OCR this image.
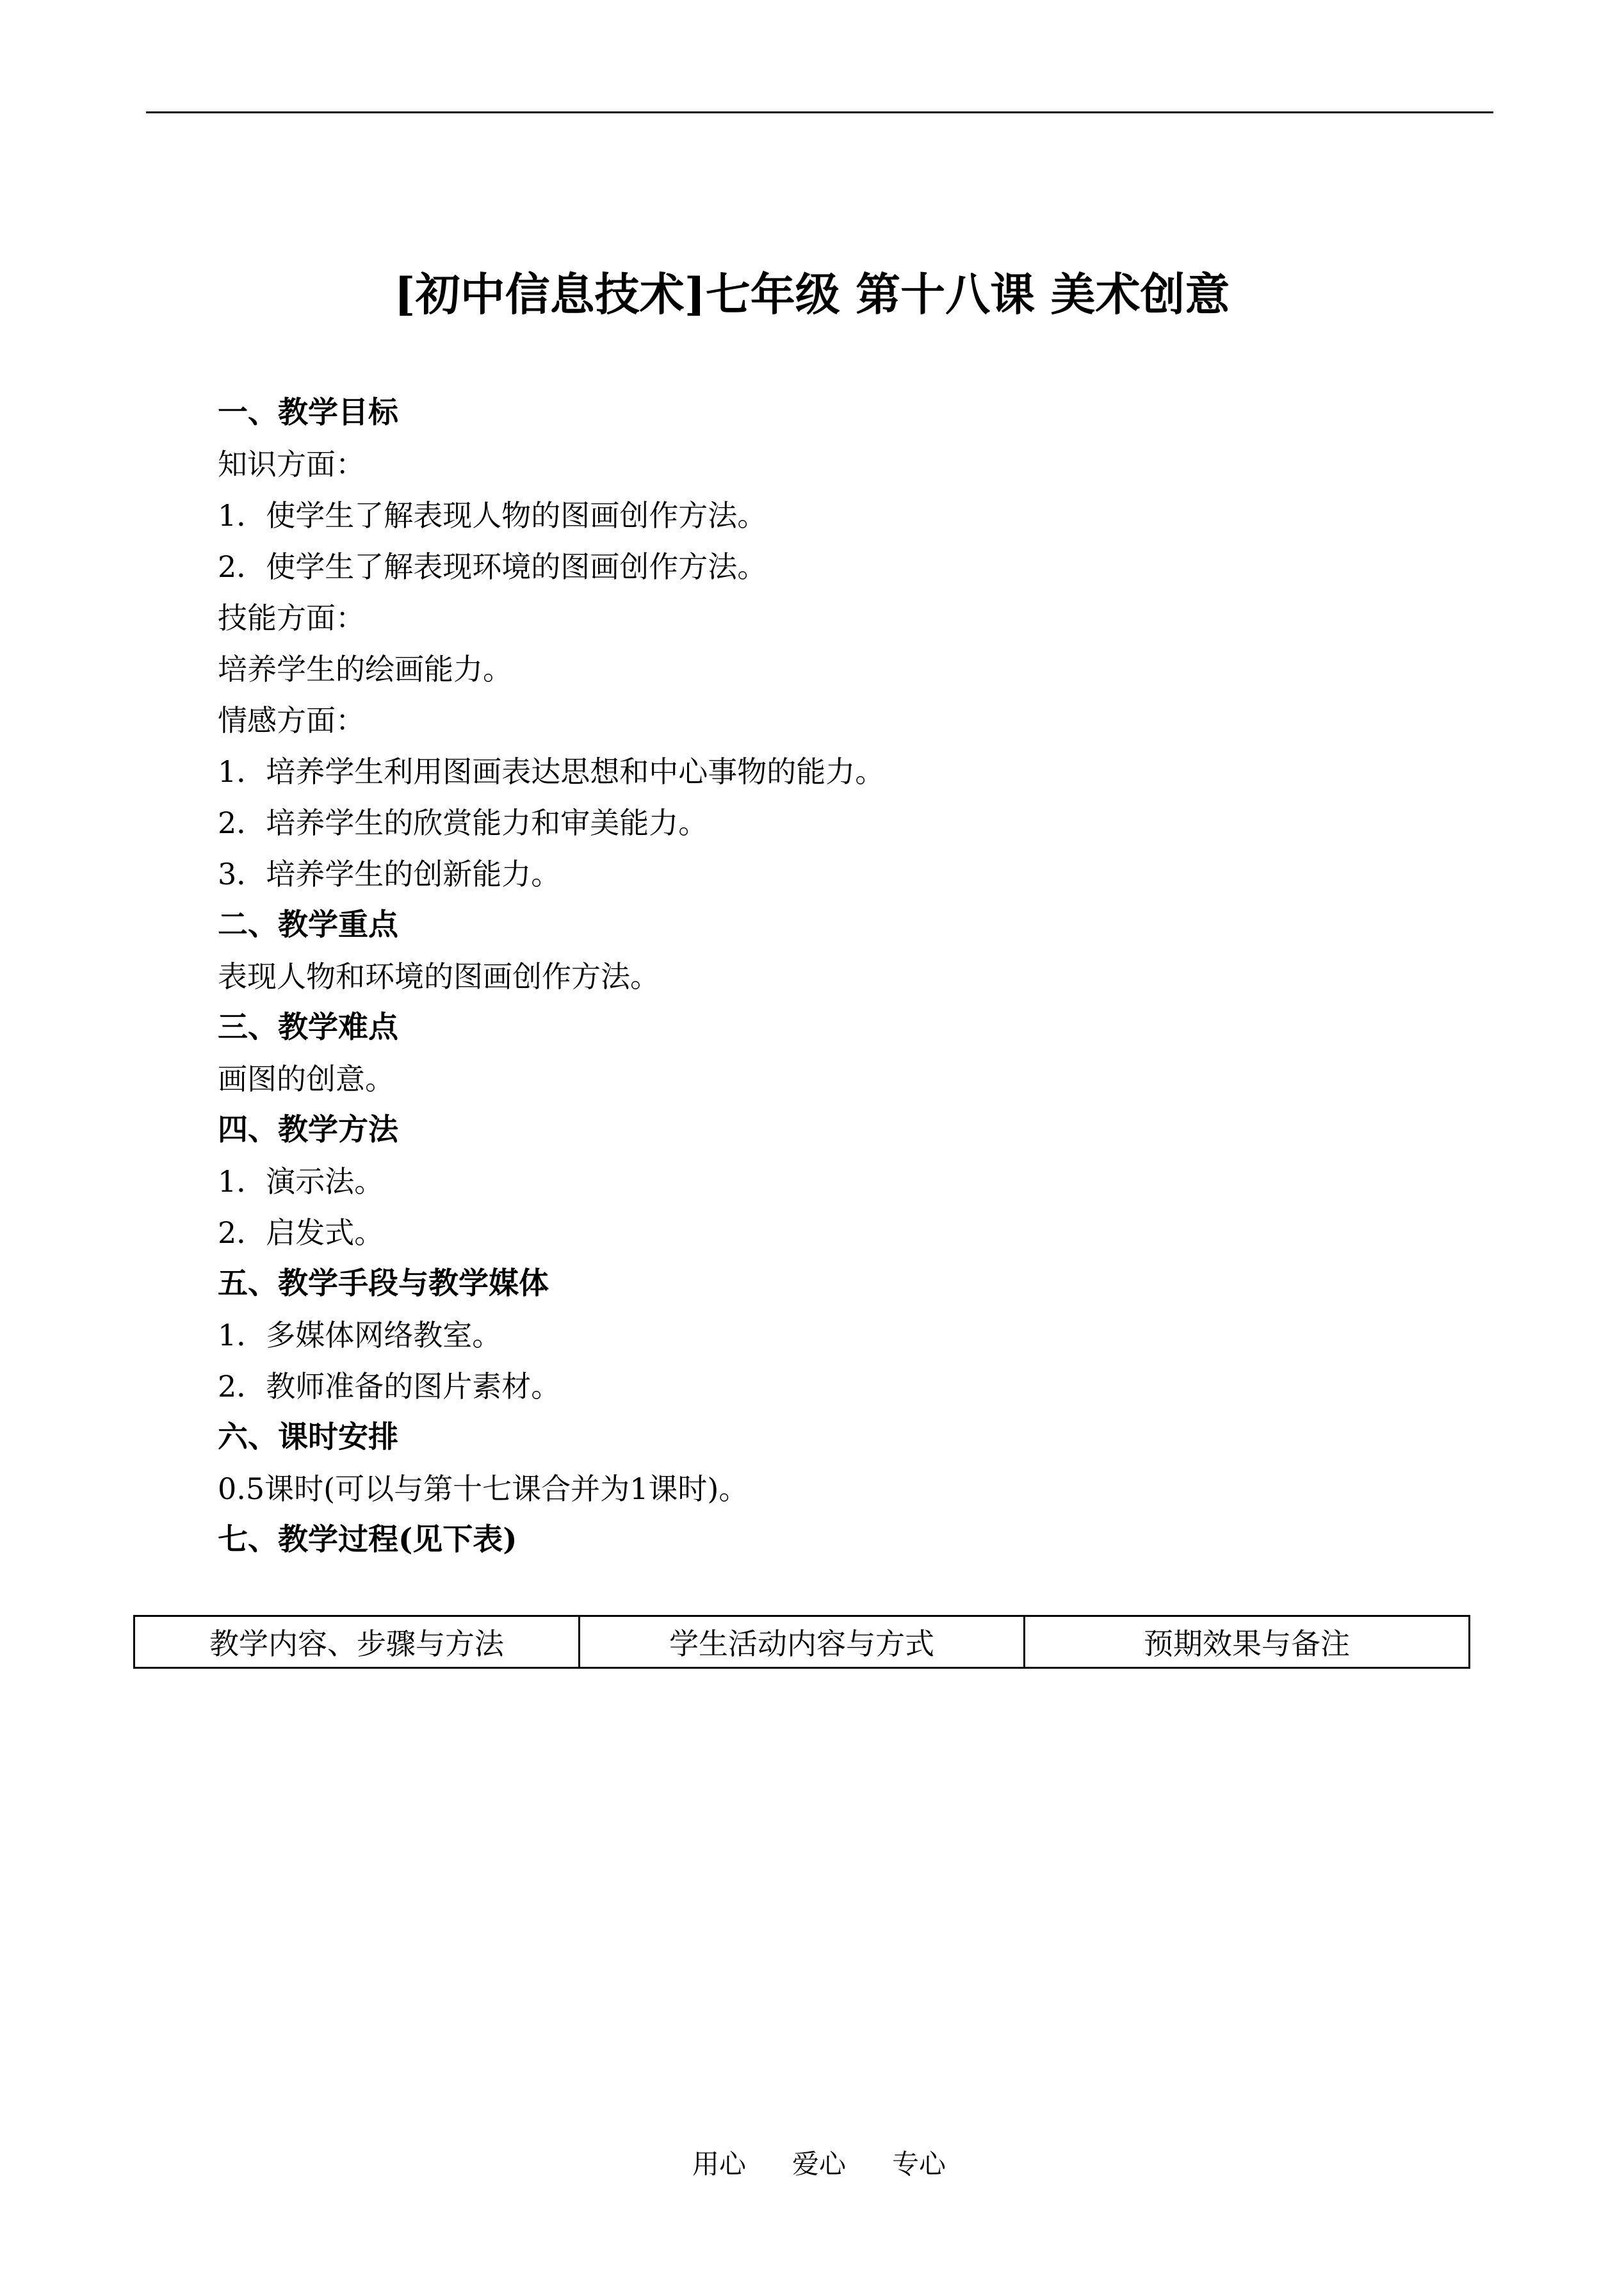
[初中信息技术]七年级 第十八课 美术创意
一、教学目标
知识方面：
1．使学生了解表现人物的图画创作方法。
2．使学生了解表现环境的图画创作方法。
技能方面：
培养学生的绘画能力。
情感方面：
1．培养学生利用图画表达思想和中心事物的能力。
2．培养学生的欣赏能力和审美能力。
3．培养学生的创新能力。
二、教学重点
表现人物和环境的图画创作方法。
三、教学难点
画图的创意。
四、教学方法
1．演示法。
2．启发式。
五、教学手段与教学媒体
1．多媒体网络教室。
2．教师准备的图片素材。
六、课时安排
0.5课时(可以与第十七课合并为1课时)。
七、教学过程(见下表)
教学内容、步骤与方法	学生活动内容与方式	预期效果与备注
用心 爱心 专心
